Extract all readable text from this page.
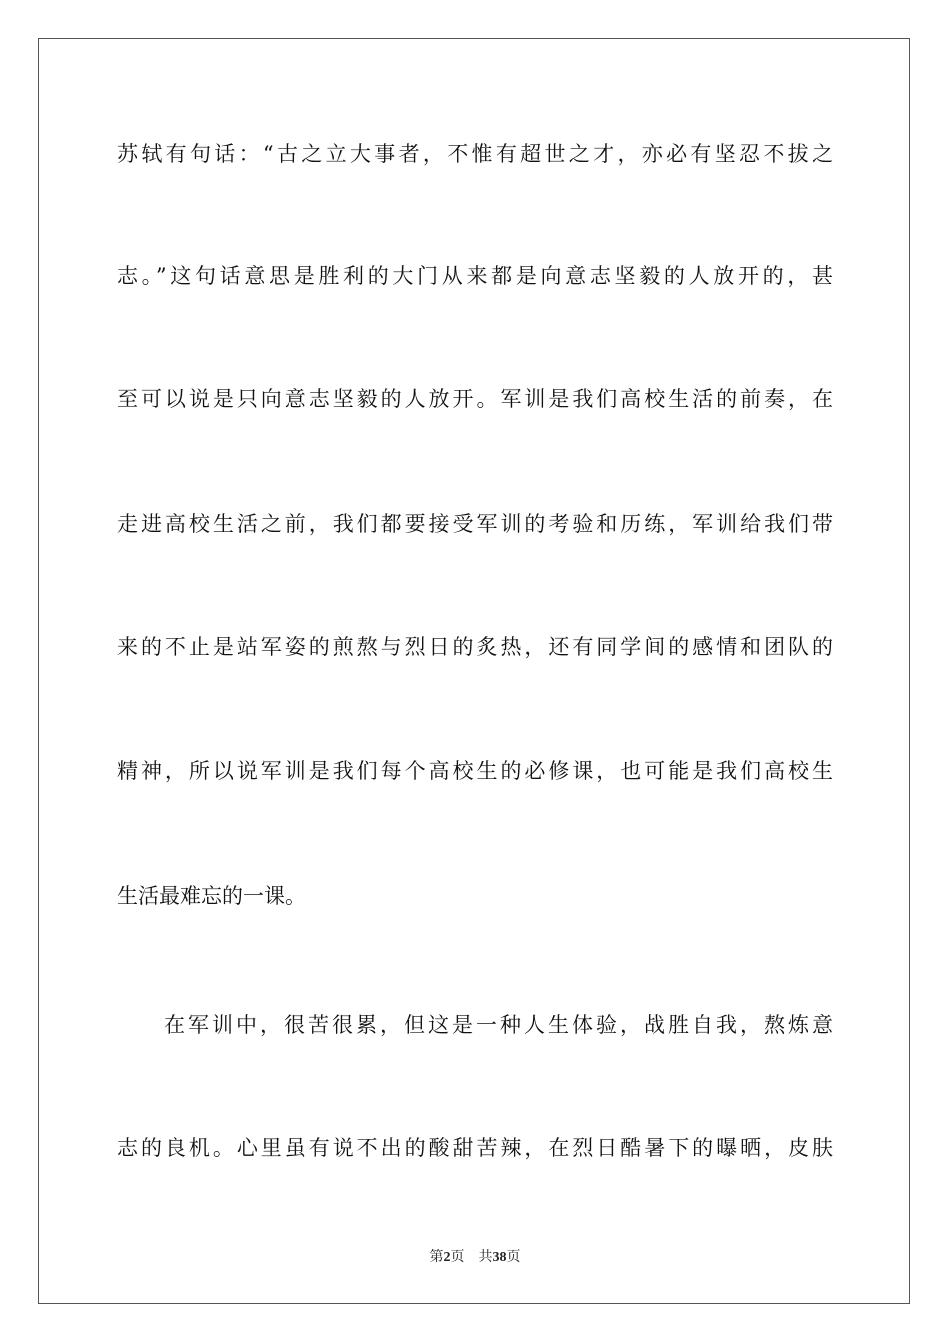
苏轼有句话：“古之立大事者，不惟有超世之才，亦必有坚忍不拔之
志。”这句话意思是胜利的大门从来都是向意志坚毅的人放开的，甚
至可以说是只向意志坚毅的人放开。军训是我们高校生活的前奏，在
走进高校生活之前，我们都要接受军训的考验和历练，军训给我们带
来的不止是站军姿的煎熬与烈日的炙热，还有同学间的感情和团队的
精神，所以说军训是我们每个高校生的必修课，也可能是我们高校生
生活最难忘的一课。
在军训中，很苦很累，但这是一种人生体验，战胜自我，熬炼意
志的良机。心里虽有说不出的酸甜苦辣，在烈日酷暑下的曝晒，皮肤
第2页 共38页
